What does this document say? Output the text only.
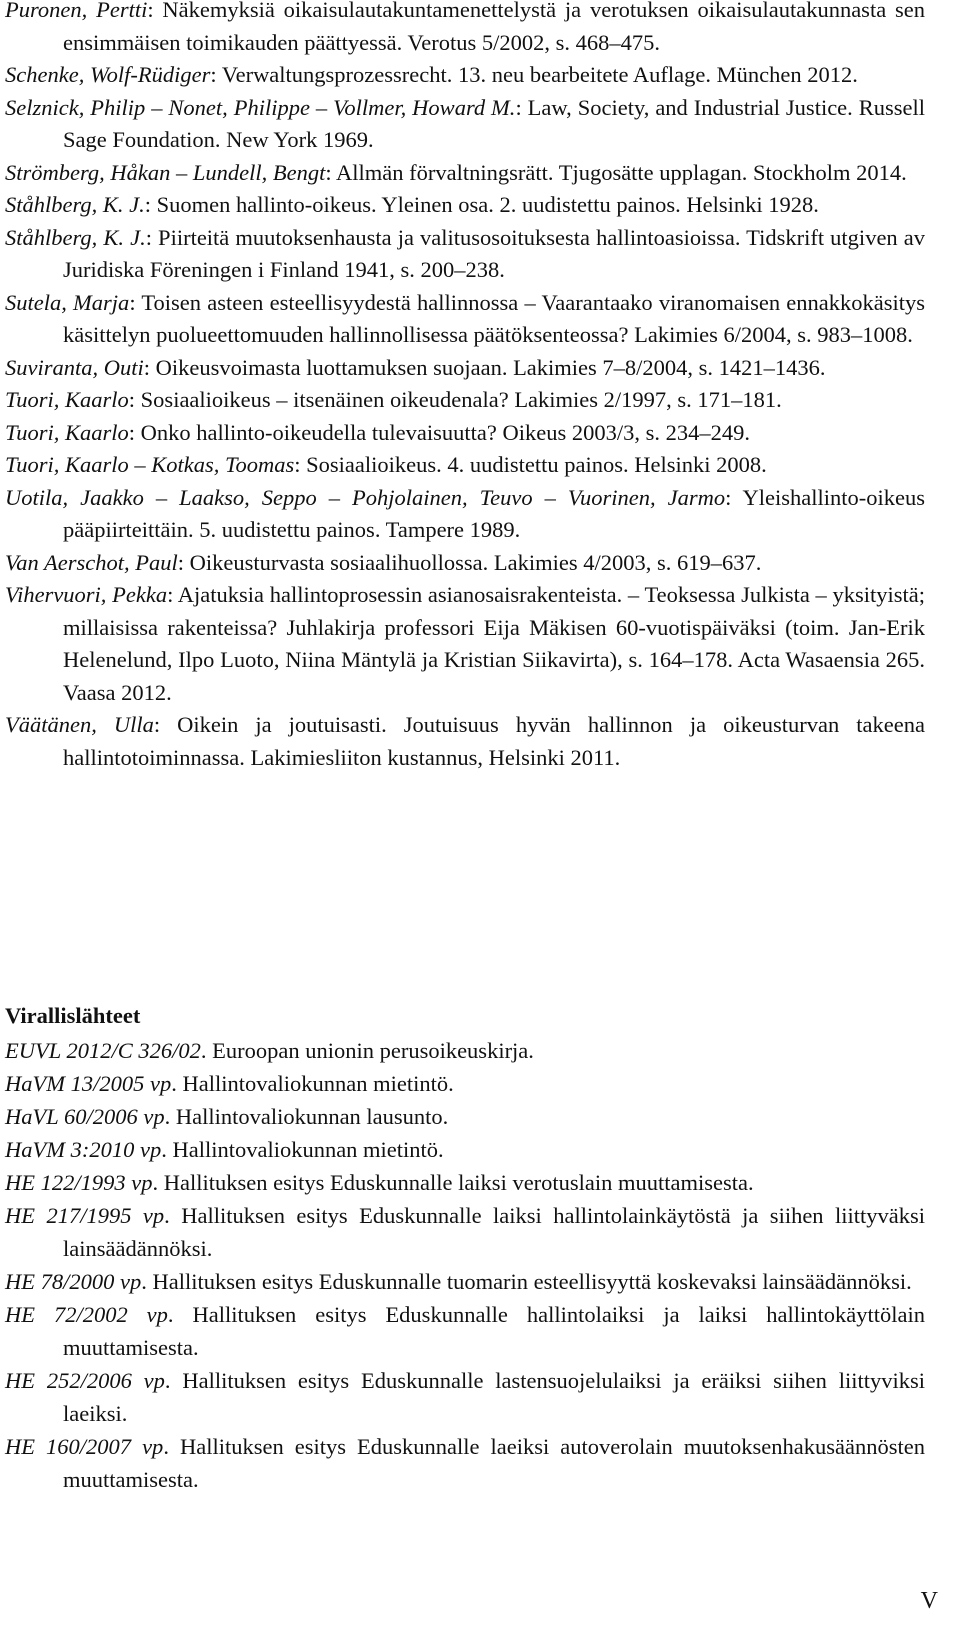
Puronen, Pertti: Näkemyksiä oikaisulautakuntamenettelystä ja verotuksen oikaisulautakunnasta sen ensimmäisen toimikauden päättyessä. Verotus 5/2002, s. 468–475.
Schenke, Wolf-Rüdiger: Verwaltungsprozessrecht. 13. neu bearbeitete Auflage. München 2012.
Selznick, Philip – Nonet, Philippe – Vollmer, Howard M.: Law, Society, and Industrial Justice. Russell Sage Foundation. New York 1969.
Strömberg, Håkan – Lundell, Bengt: Allmän förvaltningsrätt. Tjugosätte upplagan. Stockholm 2014.
Ståhlberg, K. J.: Suomen hallinto-oikeus. Yleinen osa. 2. uudistettu painos. Helsinki 1928.
Ståhlberg, K. J.: Piirteitä muutoksenhausta ja valitusosoituksesta hallintoasioissa. Tidskrift utgiven av Juridiska Föreningen i Finland 1941, s. 200–238.
Sutela, Marja: Toisen asteen esteellisyydestä hallinnossa – Vaarantaako viranomaisen ennakkokäsitys käsittelyn puolueettomuuden hallinnollisessa päätöksenteossa? Lakimies 6/2004, s. 983–1008.
Suviranta, Outi: Oikeusvoimasta luottamuksen suojaan. Lakimies 7–8/2004, s. 1421–1436.
Tuori, Kaarlo: Sosiaalioikeus – itsenäinen oikeudenala? Lakimies 2/1997, s. 171–181.
Tuori, Kaarlo: Onko hallinto-oikeudella tulevaisuutta? Oikeus 2003/3, s. 234–249.
Tuori, Kaarlo – Kotkas, Toomas: Sosiaalioikeus. 4. uudistettu painos. Helsinki 2008.
Uotila, Jaakko – Laakso, Seppo – Pohjolainen, Teuvo – Vuorinen, Jarmo: Yleishallinto-oikeus pääpiirteittäin. 5. uudistettu painos. Tampere 1989.
Van Aerschot, Paul: Oikeusturvasta sosiaalihuollossa. Lakimies 4/2003, s. 619–637.
Vihervuori, Pekka: Ajatuksia hallintoprosessin asianosaisrakenteista. – Teoksessa Julkista – yksityistä; millaisissa rakenteissa? Juhlakirja professori Eija Mäkisen 60-vuotispäiväksi (toim. Jan-Erik Helenelund, Ilpo Luoto, Niina Mäntylä ja Kristian Siikavirta), s. 164–178. Acta Wasaensia 265. Vaasa 2012.
Väätänen, Ulla: Oikein ja joutuisasti. Joutuisuus hyvän hallinnon ja oikeusturvan takeena hallintotoiminnassa. Lakimiesliiton kustannus, Helsinki 2011.
Virallislähteet
EUVL 2012/C 326/02. Euroopan unionin perusoikeuskirja.
HaVM 13/2005 vp. Hallintovaliokunnan mietintö.
HaVL 60/2006 vp. Hallintovaliokunnan lausunto.
HaVM 3:2010 vp. Hallintovaliokunnan mietintö.
HE 122/1993 vp. Hallituksen esitys Eduskunnalle laiksi verotuslain muuttamisesta.
HE 217/1995 vp. Hallituksen esitys Eduskunnalle laiksi hallintolainkäytöstä ja siihen liittyväksi lainsäädännöksi.
HE 78/2000 vp. Hallituksen esitys Eduskunnalle tuomarin esteellisyyttä koskevaksi lainsäädännöksi.
HE 72/2002 vp. Hallituksen esitys Eduskunnalle hallintolaiksi ja laiksi hallintokäyttölain muuttamisesta.
HE 252/2006 vp. Hallituksen esitys Eduskunnalle lastensuojelulaiksi ja eräiksi siihen liittyviksi laeiksi.
HE 160/2007 vp. Hallituksen esitys Eduskunnalle laeiksi autoverolain muutoksenhakusäännösten muuttamisesta.
V
